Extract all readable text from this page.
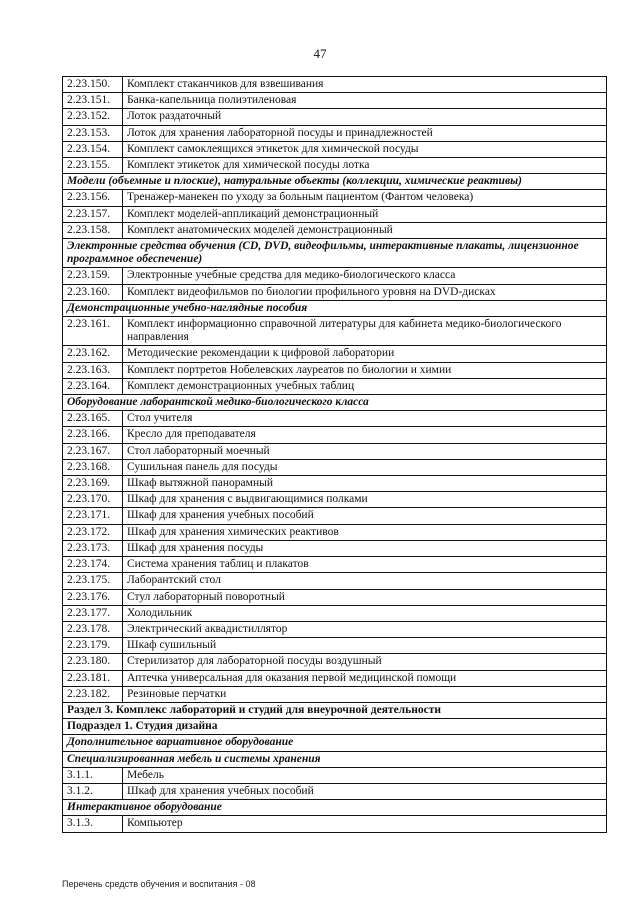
47
2.23.150.	Комплект стаканчиков для взвешивания
2.23.151.	Банка-капельница полиэтиленовая
2.23.152.	Лоток раздаточный
2.23.153.	Лоток для хранения лабораторной посуды и принадлежностей
2.23.154.	Комплект самоклеящихся этикеток для химической посуды
2.23.155.	Комплект этикеток для химической посуды лотка
Модели (объемные и плоские), натуральные объекты (коллекции, химические реактивы)	
2.23.156.	Тренажер-манекен по уходу за больным пациентом (Фантом человека)
2.23.157.	Комплект моделей-аппликаций демонстрационный
2.23.158.	Комплект анатомических моделей демонстрационный
Электронные средства обучения (CD, DVD, видеофильмы, интерактивные плакаты, лицензионное программное обеспечение)	
2.23.159.	Электронные учебные средства для медико-биологического класса
2.23.160.	Комплект видеофильмов по биологии профильного уровня на DVD-дисках
Демонстрационные учебно-наглядные пособия	
2.23.161.	Комплект информационно справочной литературы для кабинета медико-биологического направления
2.23.162.	Методические рекомендации к цифровой лаборатории
2.23.163.	Комплект портретов Нобелевских лауреатов по биологии и химии
2.23.164.	Комплект демонстрационных учебных таблиц
Оборудование лаборантской медико-биологического класса	
2.23.165.	Стол учителя
2.23.166.	Кресло для преподавателя
2.23.167.	Стол лабораторный моечный
2.23.168.	Сушильная панель для посуды
2.23.169.	Шкаф вытяжной панорамный
2.23.170.	Шкаф для хранения с выдвигающимися полками
2.23.171.	Шкаф для хранения учебных пособий
2.23.172.	Шкаф для хранения химических реактивов
2.23.173.	Шкаф для хранения посуды
2.23.174.	Система хранения таблиц и плакатов
2.23.175.	Лаборантский стол
2.23.176.	Стул лабораторный поворотный
2.23.177.	Холодильник
2.23.178.	Электрический аквадистиллятор
2.23.179.	Шкаф сушильный
2.23.180.	Стерилизатор для лабораторной посуды воздушный
2.23.181.	Аптечка универсальная для оказания первой медицинской помощи
2.23.182.	Резиновые перчатки
Раздел 3. Комплекс лабораторий и студий для внеурочной деятельности	
Подраздел 1. Студия дизайна	
Дополнительное вариативное оборудование	
Специализированная мебель и системы хранения	
3.1.1.	Мебель
3.1.2.	Шкаф для хранения учебных пособий
Интерактивное оборудование	
3.1.3.	Компьютер
Перечень средств обучения и воспитания - 08
